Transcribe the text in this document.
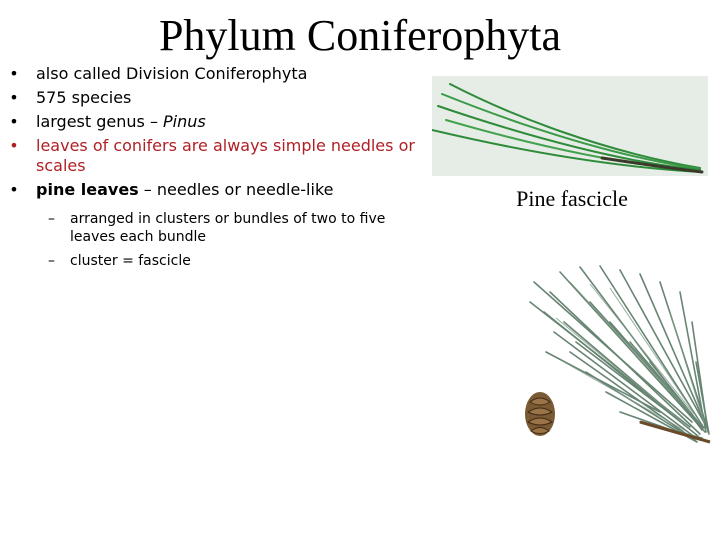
Phylum Coniferophyta
• also called Division Coniferophyta
• 575 species
• largest genus – Pinus
• leaves of conifers are always simple needles or scales
• pine leaves – needles or needle-like
– arranged in clusters or bundles of two to five leaves each bundle
– cluster = fascicle
Pine fascicle
